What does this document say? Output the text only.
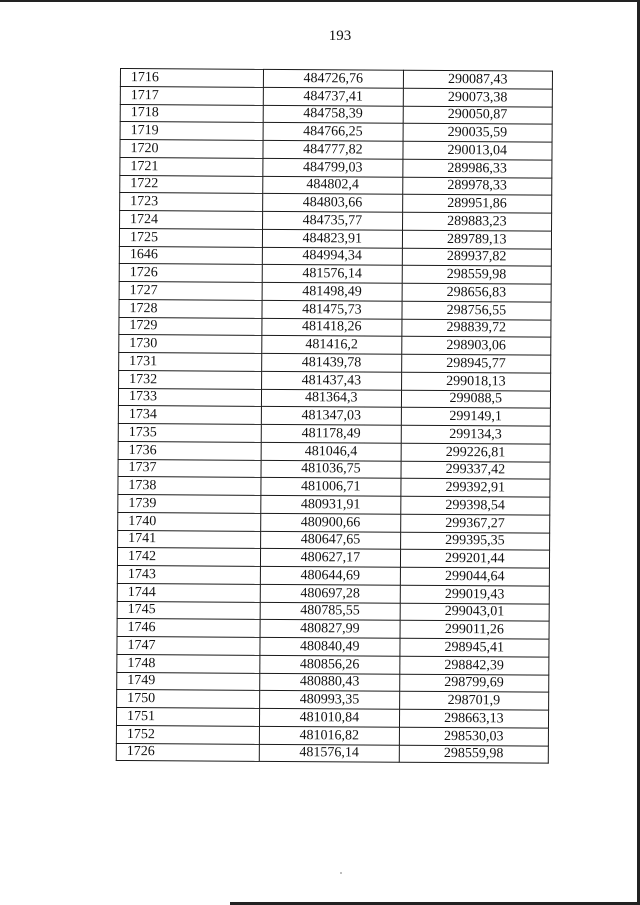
193
1716	484726,76	290087,43
1717	484737,41	290073,38
1718	484758,39	290050,87
1719	484766,25	290035,59
1720	484777,82	290013,04
1721	484799,03	289986,33
1722	484802,4	289978,33
1723	484803,66	289951,86
1724	484735,77	289883,23
1725	484823,91	289789,13
1646	484994,34	289937,82
1726	481576,14	298559,98
1727	481498,49	298656,83
1728	481475,73	298756,55
1729	481418,26	298839,72
1730	481416,2	298903,06
1731	481439,78	298945,77
1732	481437,43	299018,13
1733	481364,3	299088,5
1734	481347,03	299149,1
1735	481178,49	299134,3
1736	481046,4	299226,81
1737	481036,75	299337,42
1738	481006,71	299392,91
1739	480931,91	299398,54
1740	480900,66	299367,27
1741	480647,65	299395,35
1742	480627,17	299201,44
1743	480644,69	299044,64
1744	480697,28	299019,43
1745	480785,55	299043,01
1746	480827,99	299011,26
1747	480840,49	298945,41
1748	480856,26	298842,39
1749	480880,43	298799,69
1750	480993,35	298701,9
1751	481010,84	298663,13
1752	481016,82	298530,03
1726	481576,14	298559,98
